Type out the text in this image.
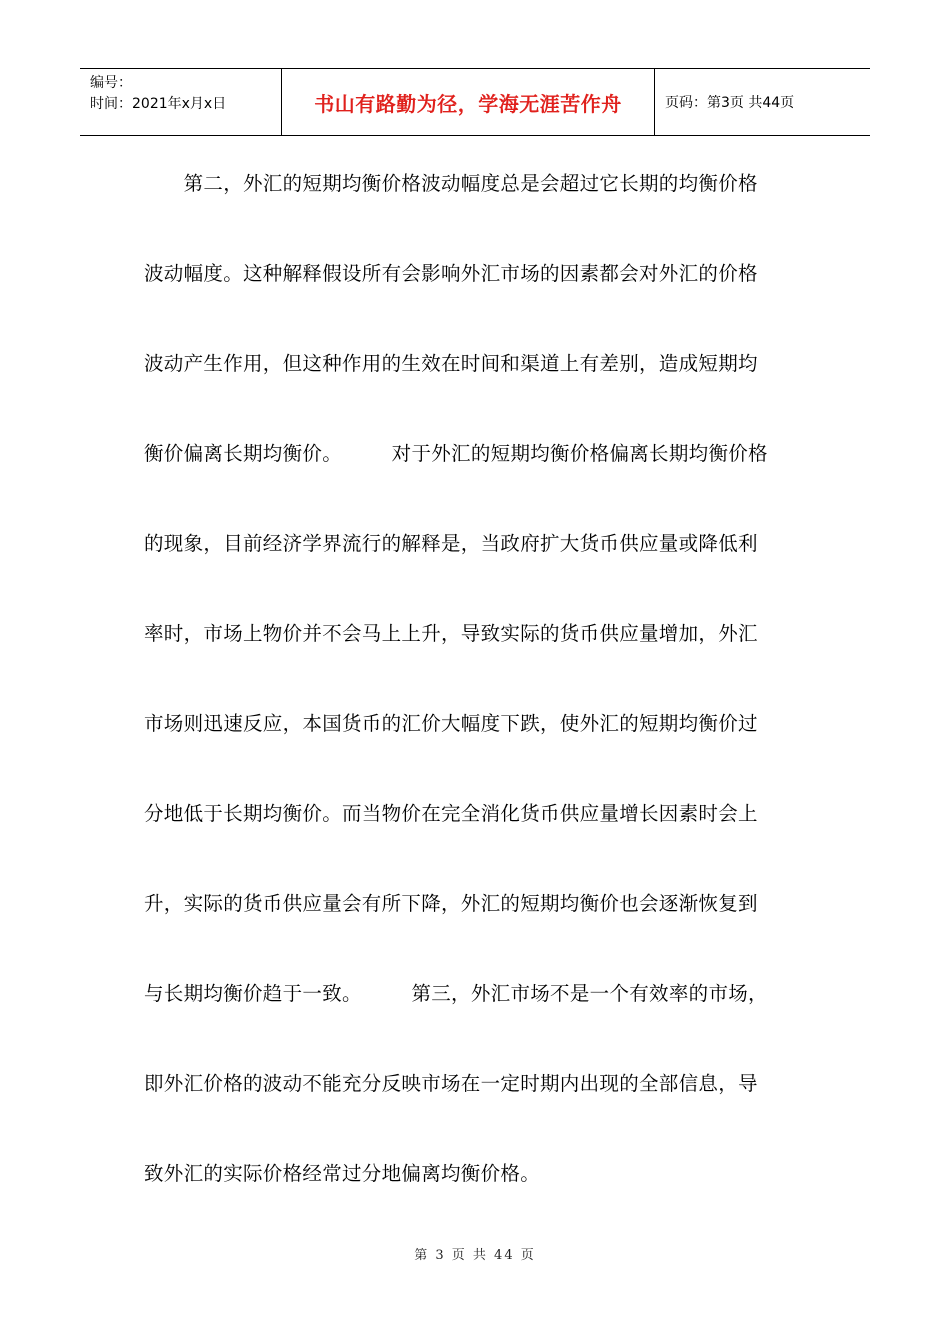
编号：
时间：2021年x月x日	书山有路勤为径，学海无涯苦作舟	页码：第3页 共44页
　　第二，外汇的短期均衡价格波动幅度总是会超过它长期的均衡价格
波动幅度。这种解释假设所有会影响外汇市场的因素都会对外汇的价格
波动产生作用，但这种作用的生效在时间和渠道上有差别，造成短期均
衡价偏离长期均衡价。　　　对于外汇的短期均衡价格偏离长期均衡价格
的现象，目前经济学界流行的解释是，当政府扩大货币供应量或降低利
率时，市场上物价并不会马上上升，导致实际的货币供应量增加，外汇
市场则迅速反应，本国货币的汇价大幅度下跌，使外汇的短期均衡价过
分地低于长期均衡价。而当物价在完全消化货币供应量增长因素时会上
升，实际的货币供应量会有所下降，外汇的短期均衡价也会逐渐恢复到
与长期均衡价趋于一致。　　　第三，外汇市场不是一个有效率的市场，
即外汇价格的波动不能充分反映市场在一定时期内出现的全部信息，导
致外汇的实际价格经常过分地偏离均衡价格。
第 3 页 共 44 页
